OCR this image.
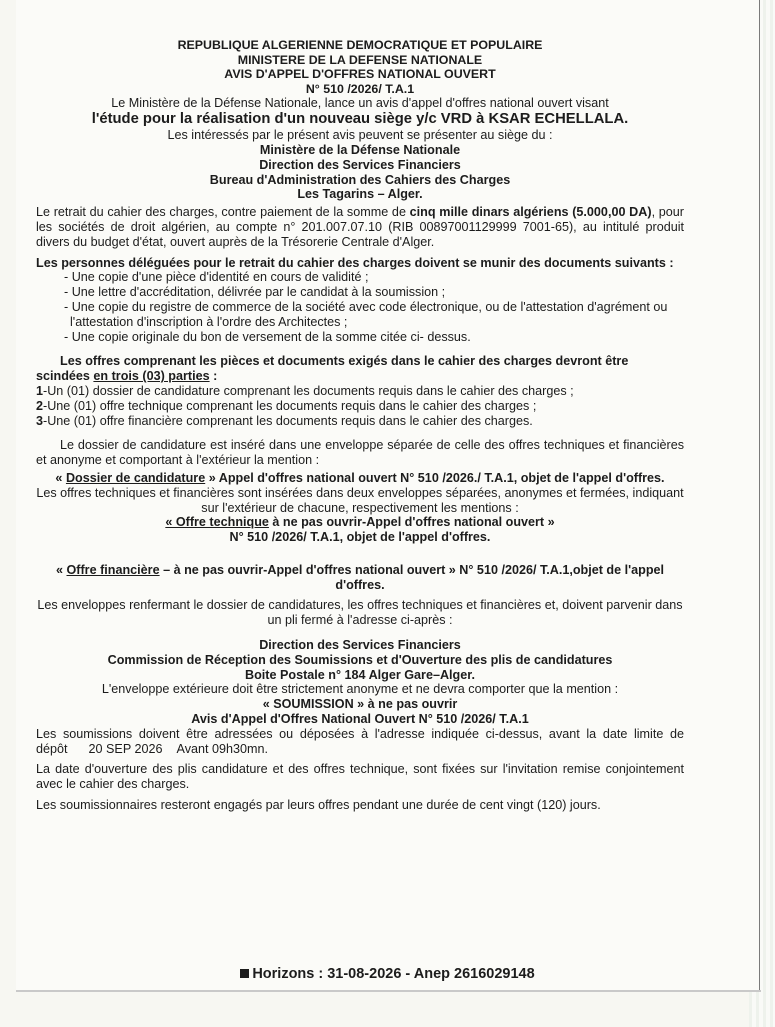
REPUBLIQUE ALGERIENNE DEMOCRATIQUE ET POPULAIRE

MINISTERE DE LA DEFENSE NATIONALE

AVIS D'APPEL D'OFFRES NATIONAL OUVERT

N° 510 /2026/ T.A.1

Le Ministère de la Défense Nationale, lance un avis d'appel d'offres national ouvert visant

l'étude pour la réalisation d'un nouveau siège y/c VRD à KSAR ECHELLALA.

Les intéressés par le présent avis peuvent se présenter au siège du :

Ministère de la Défense Nationale

Direction des Services Financiers

Bureau d'Administration des Cahiers des Charges

Les Tagarins – Alger.

Le retrait du cahier des charges, contre paiement de la somme de cinq mille dinars algériens (5.000,00 DA), pour les sociétés de droit algérien, au compte n° 201.007.07.10 (RIB 00897001129999 7001-65), au intitulé produit divers du budget d'état, ouvert auprès de la Trésorerie Centrale d'Alger.

Les personnes déléguées pour le retrait du cahier des charges doivent se munir des documents suivants :

- Une copie d'une pièce d'identité en cours de validité ;
- Une lettre d'accréditation, délivrée par le candidat à la soumission ;
- Une copie du registre de commerce de la société avec code électronique, ou de l'attestation d'agrément ou l'attestation d'inscription à l'ordre des Architectes ;
- Une copie originale du bon de versement de la somme citée ci- dessus.

Les offres comprenant les pièces et documents exigés dans le cahier des charges devront être scindées en trois (03) parties :

1-Un (01) dossier de candidature comprenant les documents requis dans le cahier des charges ;

2-Une (01) offre technique comprenant les documents requis dans le cahier des charges ;

3-Une (01) offre financière comprenant les documents requis dans le cahier des charges.

Le dossier de candidature est inséré dans une enveloppe séparée de celle des offres techniques et financières et anonyme et comportant à l'extérieur la mention :

« Dossier de candidature » Appel d'offres national ouvert N° 510 /2026./ T.A.1, objet de l'appel d'offres.

Les offres techniques et financières sont insérées dans deux enveloppes séparées, anonymes et fermées, indiquant sur l'extérieur de chacune, respectivement les mentions :

« Offre technique à ne pas ouvrir-Appel d'offres national ouvert »

N° 510 /2026/ T.A.1, objet de l'appel d'offres.

« Offre financière – à ne pas ouvrir-Appel d'offres national ouvert » N° 510 /2026/ T.A.1,objet de l'appel d'offres.

Les enveloppes renfermant le dossier de candidatures, les offres techniques et financières et, doivent parvenir dans un pli fermé à l'adresse ci-après :

Direction des Services Financiers

Commission de Réception des Soumissions et d'Ouverture des plis de candidatures

Boite Postale n° 184 Alger Gare–Alger.

L'enveloppe extérieure doit être strictement anonyme et ne devra comporter que la mention :

« SOUMISSION » à ne pas ouvrir

Avis d'Appel d'Offres National Ouvert N° 510 /2026/ T.A.1

Les soumissions doivent être adressées ou déposées à l'adresse indiquée ci-dessus, avant la date limite de dépôt 20 SEP 2026 Avant 09h30mn.

La date d'ouverture des plis candidature et des offres technique, sont fixées sur l'invitation remise conjointement avec le cahier des charges.

Les soumissionnaires resteront engagés par leurs offres pendant une durée de cent vingt (120) jours.

Horizons : 31-08-2026 - Anep 2616029148
